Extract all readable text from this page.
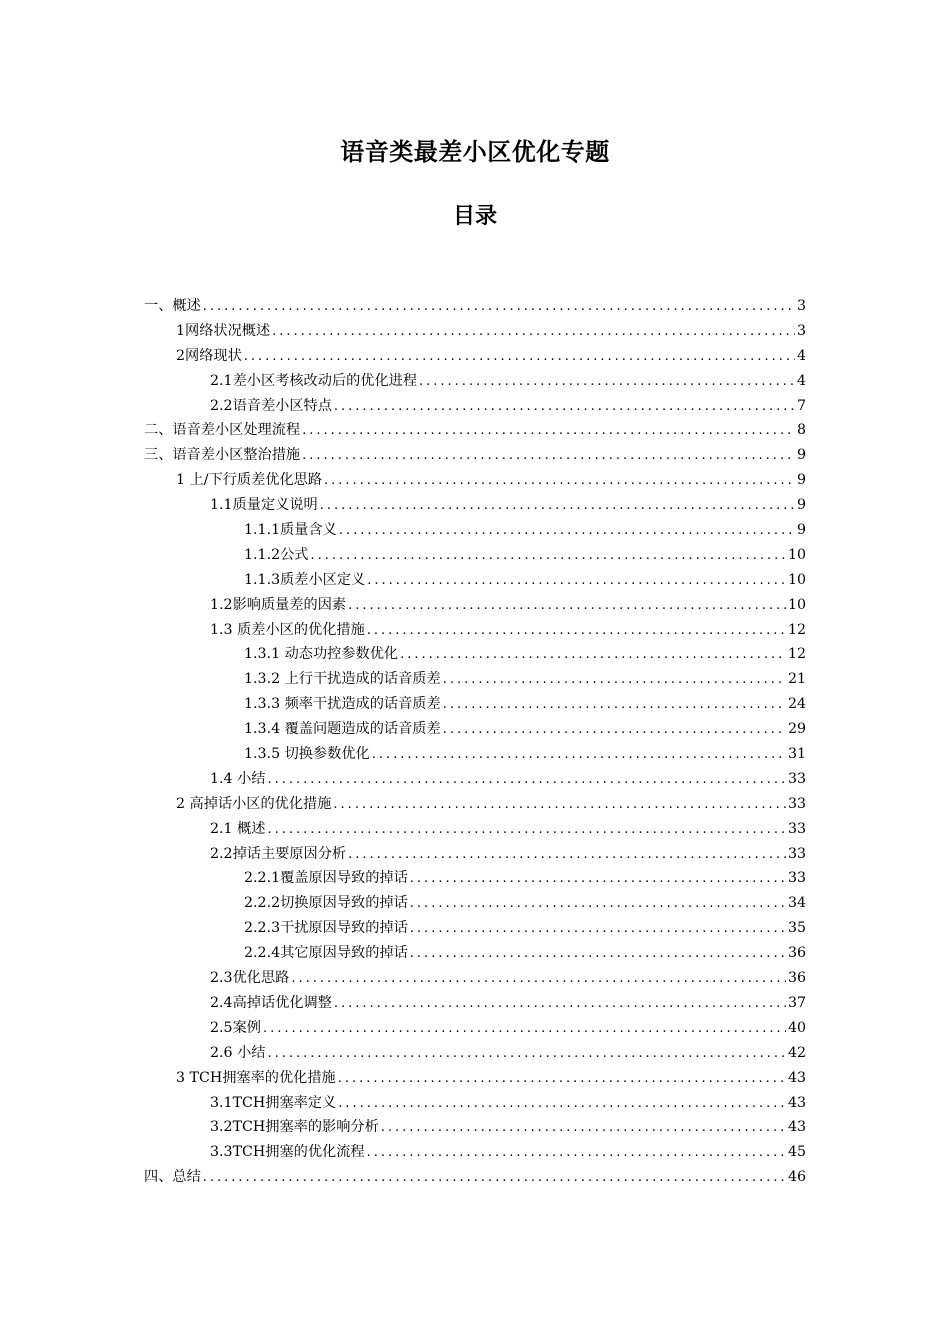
语音类最差小区优化专题
目录
一、概述 .....	3
1网络状况概述 .....	3
2网络现状 .....	4
2.1差小区考核改动后的优化进程 .....	4
2.2语音差小区特点 .....	7
二、语音差小区处理流程 .....	8
三、语音差小区整治措施 .....	9
1 上/下行质差优化思路 .....	9
1.1质量定义说明 .....	9
1.1.1质量含义 .....	9
1.1.2公式 .....	10
1.1.3质差小区定义 .....	10
1.2影响质量差的因素 .....	10
1.3 质差小区的优化措施 .....	12
1.3.1 动态功控参数优化 .....	12
1.3.2 上行干扰造成的话音质差 .....	21
1.3.3 频率干扰造成的话音质差 .....	24
1.3.4 覆盖问题造成的话音质差 .....	29
1.3.5 切换参数优化 .....	31
1.4 小结 .....	33
2 高掉话小区的优化措施 .....	33
2.1 概述 .....	33
2.2掉话主要原因分析 .....	33
2.2.1覆盖原因导致的掉话 .....	33
2.2.2切换原因导致的掉话 .....	34
2.2.3干扰原因导致的掉话 .....	35
2.2.4其它原因导致的掉话 .....	36
2.3优化思路 .....	36
2.4高掉话优化调整 .....	37
2.5案例 .....	40
2.6 小结 .....	42
3 TCH拥塞率的优化措施 .....	43
3.1TCH拥塞率定义 .....	43
3.2TCH拥塞率的影响分析 .....	43
3.3TCH拥塞的优化流程 .....	45
四、总结 .....	46
